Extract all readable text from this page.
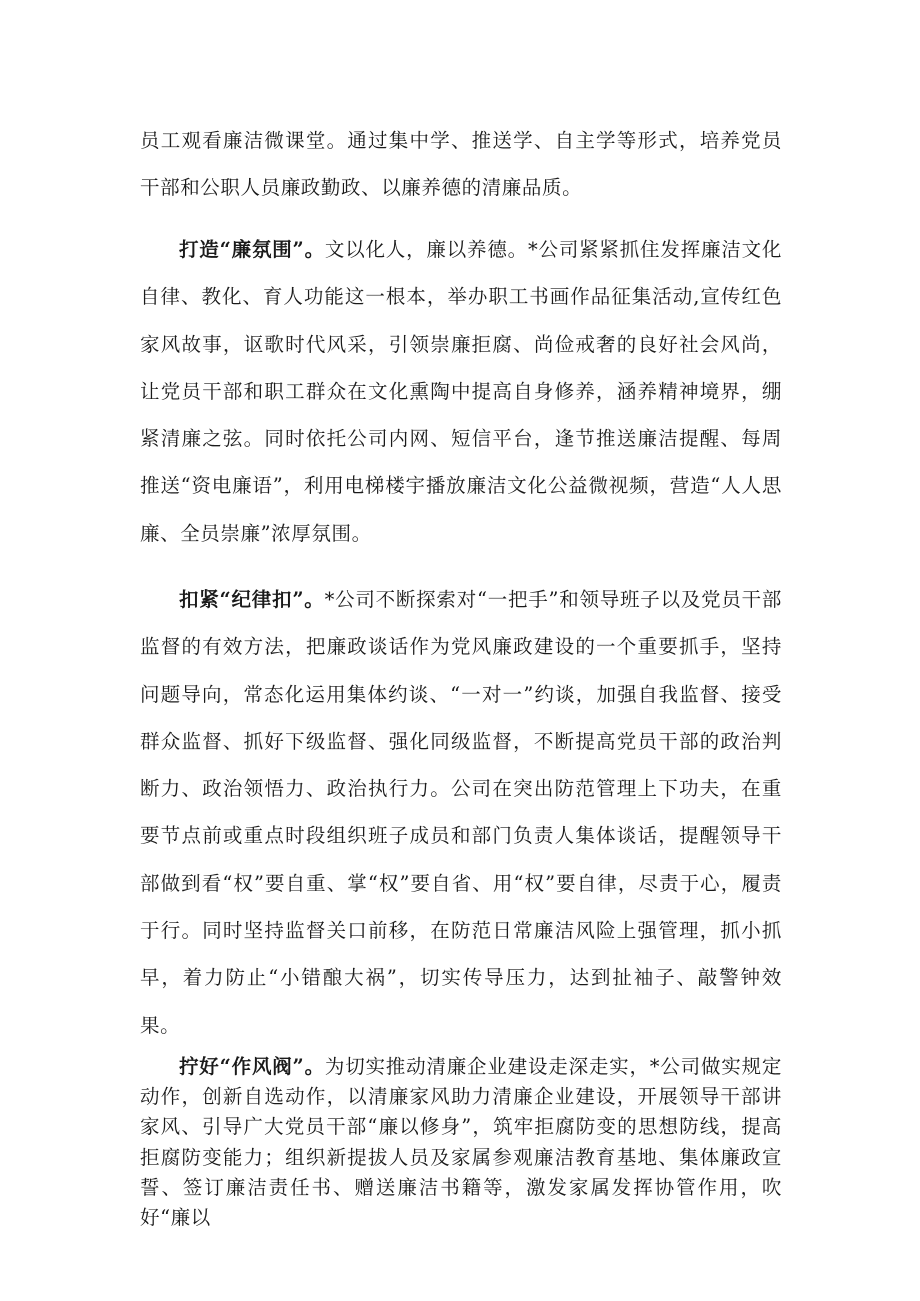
员工观看廉洁微课堂。通过集中学、推送学、自主学等形式，培养党员干部和公职人员廉政勤政、以廉养德的清廉品质。

打造“廉氛围”。文以化人，廉以养德。*公司紧紧抓住发挥廉洁文化自律、教化、育人功能这一根本，举办职工书画作品征集活动,宣传红色家风故事，讴歌时代风采，引领崇廉拒腐、尚俭戒奢的良好社会风尚，让党员干部和职工群众在文化熏陶中提高自身修养，涵养精神境界，绷紧清廉之弦。同时依托公司内网、短信平台，逢节推送廉洁提醒、每周推送“资电廉语”，利用电梯楼宇播放廉洁文化公益微视频，营造“人人思廉、全员崇廉”浓厚氛围。

扣紧“纪律扣”。*公司不断探索对“一把手”和领导班子以及党员干部监督的有效方法，把廉政谈话作为党风廉政建设的一个重要抓手，坚持问题导向，常态化运用集体约谈、“一对一”约谈，加强自我监督、接受群众监督、抓好下级监督、强化同级监督，不断提高党员干部的政治判断力、政治领悟力、政治执行力。公司在突出防范管理上下功夫，在重要节点前或重点时段组织班子成员和部门负责人集体谈话，提醒领导干部做到看“权”要自重、掌“权”要自省、用“权”要自律，尽责于心，履责于行。同时坚持监督关口前移，在防范日常廉洁风险上强管理，抓小抓早，着力防止“小错酿大祸”，切实传导压力，达到扯袖子、敲警钟效果。

拧好“作风阀”。为切实推动清廉企业建设走深走实，*公司做实规定动作，创新自选动作，以清廉家风助力清廉企业建设，开展领导干部讲家风、引导广大党员干部“廉以修身”，筑牢拒腐防变的思想防线，提高拒腐防变能力；组织新提拔人员及家属参观廉洁教育基地、集体廉政宣誓、签订廉洁责任书、赠送廉洁书籍等，激发家属发挥协管作用，吹好“廉以
